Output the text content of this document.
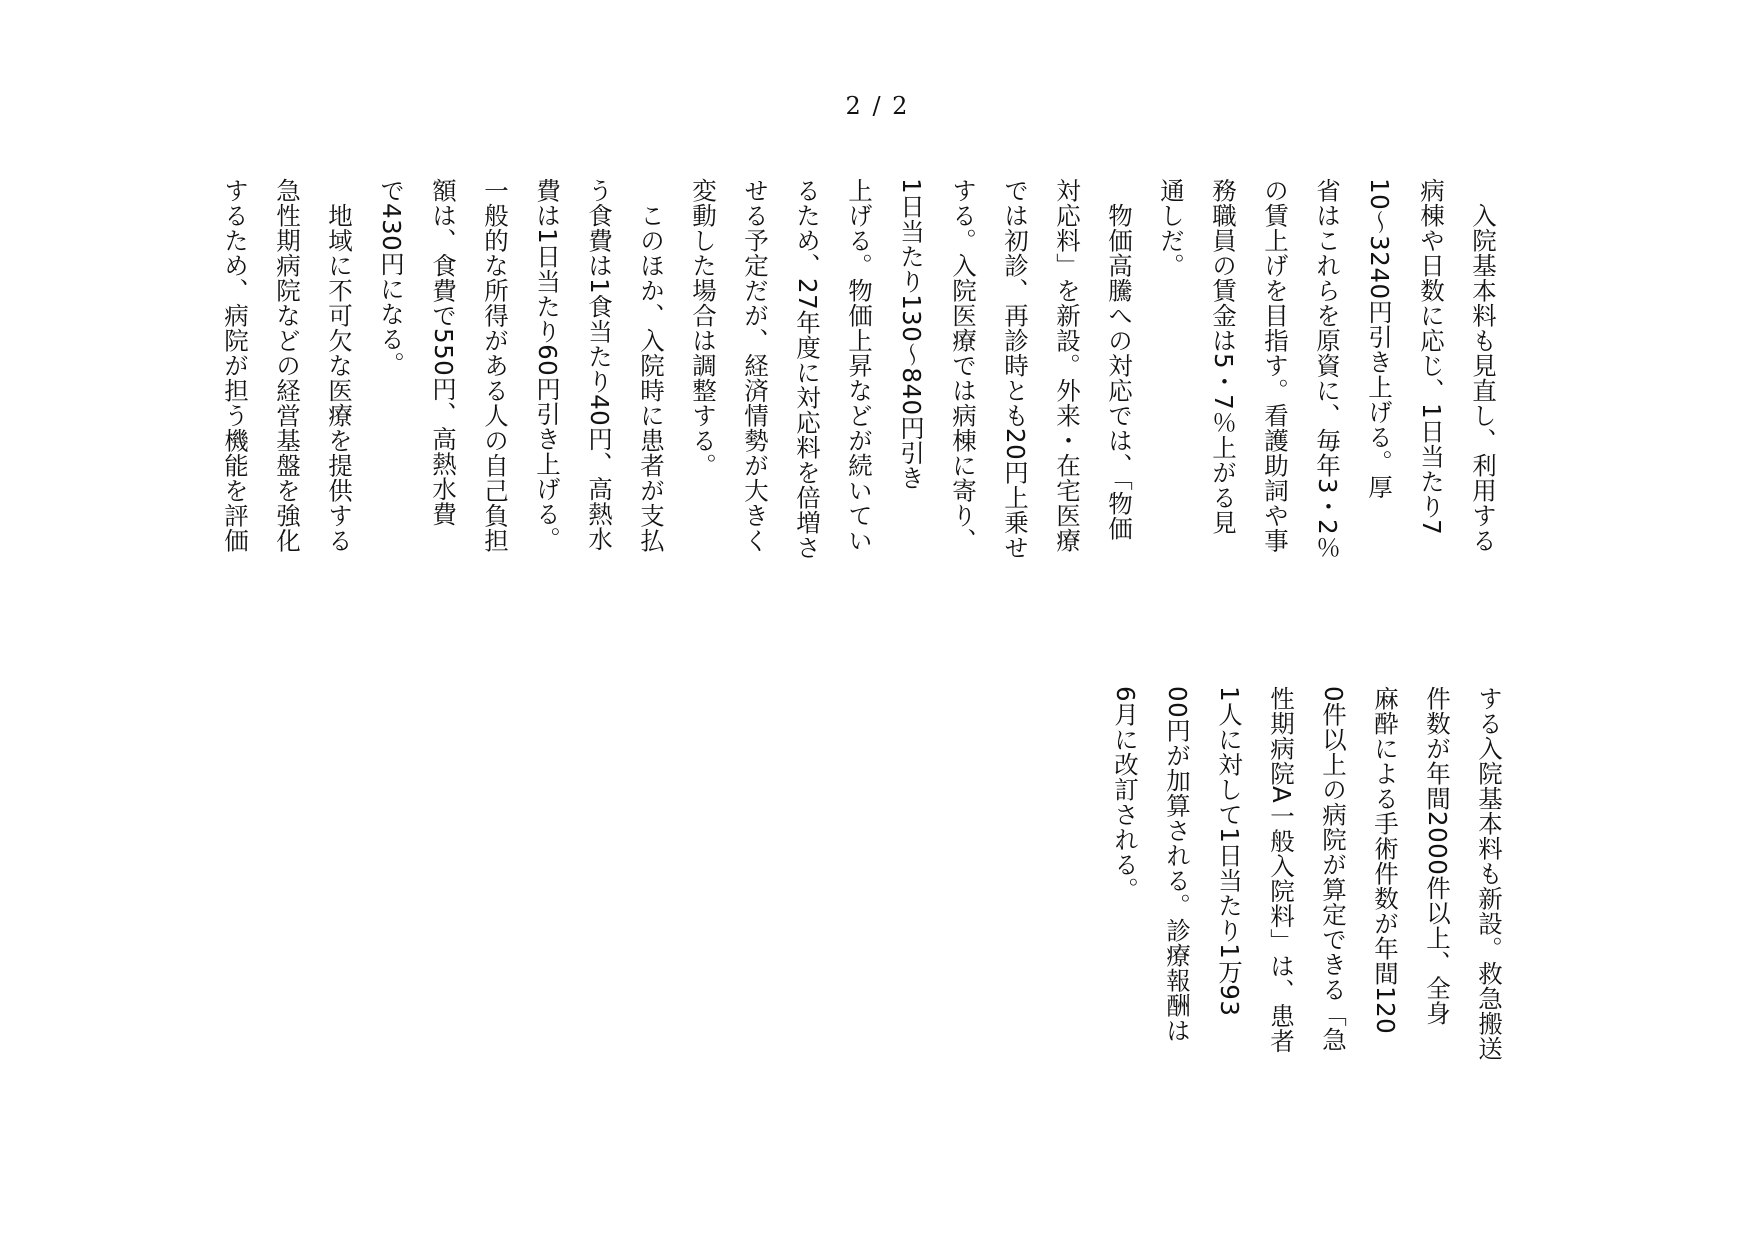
2 / 2
　入院基本料も見直し、利用する
病棟や日数に応じ、1日当たり7
10～3240円引き上げる。厚
省はこれらを原資に、毎年3・2％
の賃上げを目指す。看護助詞や事
務職員の賃金は5・7％上がる見
通しだ。
　物価高騰への対応では、「物価
対応料」を新設。外来・在宅医療
では初診、再診時とも20円上乗せ
する。入院医療では病棟に寄り、
1日当たり130～840円引き
上げる。物価上昇などが続いてい
るため、27年度に対応料を倍増さ
せる予定だが、経済情勢が大きく
変動した場合は調整する。
　このほか、入院時に患者が支払
う食費は1食当たり40円、高熱水
費は1日当たり60円引き上げる。
一般的な所得がある人の自己負担
額は、食費で550円、高熱水費
で430円になる。
　地域に不可欠な医療を提供する
急性期病院などの経営基盤を強化
するため、病院が担う機能を評価
する入院基本料も新設。救急搬送
件数が年間2000件以上、全身
麻酔による手術件数が年間120
0件以上の病院が算定できる「急
性期病院A一般入院料」は、患者
1人に対して1日当たり1万93
00円が加算される。診療報酬は
6月に改訂される。
